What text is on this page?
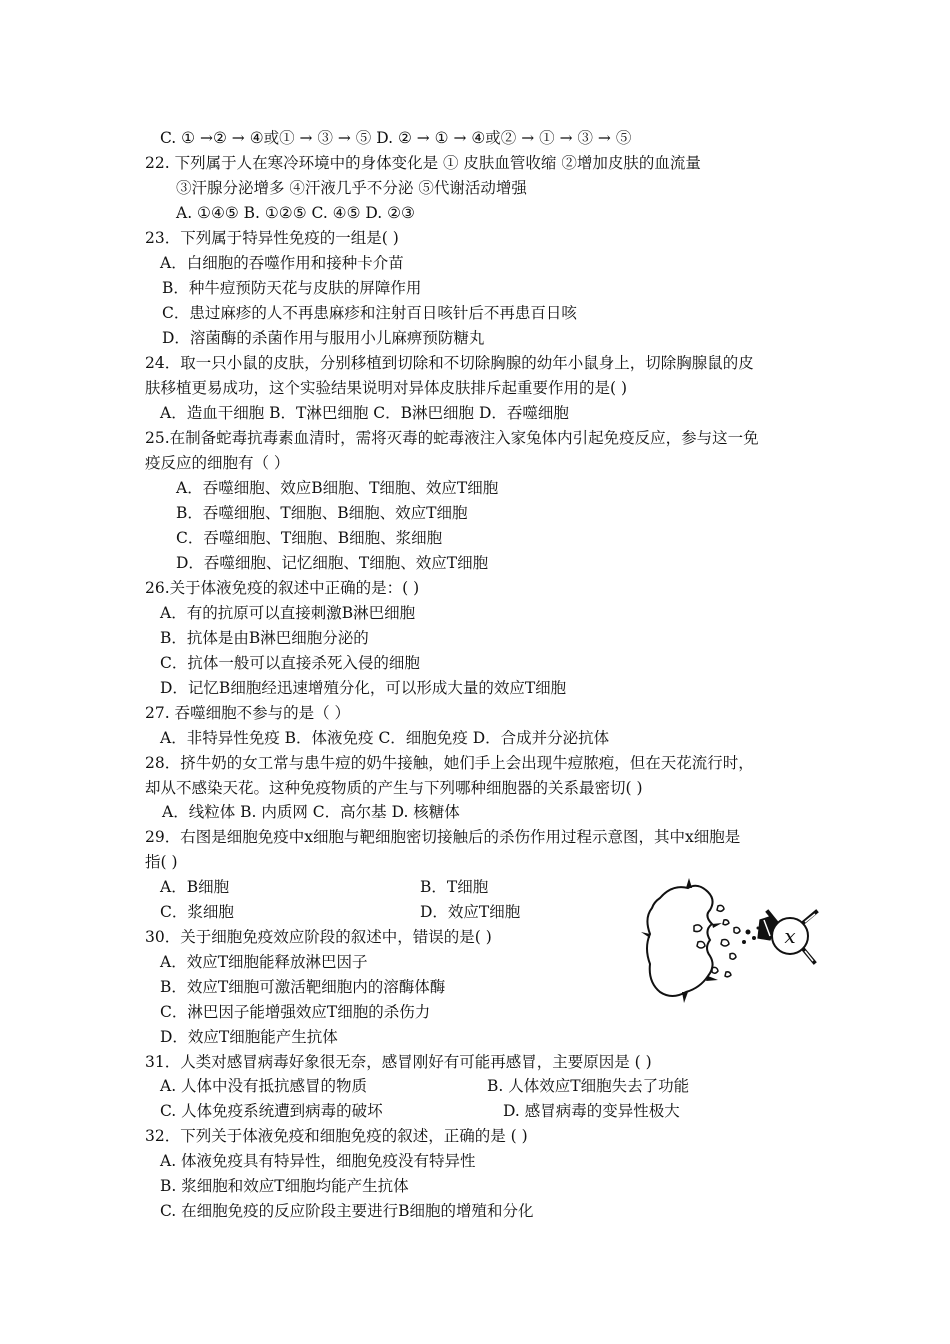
C. ① →② → ④或① → ③ → ⑤ D. ② → ① → ④或② → ① → ③ → ⑤
22. 下列属于人在寒冷环境中的身体变化是 ① 皮肤血管收缩 ②增加皮肤的血流量
③汗腺分泌增多 ④汗液几乎不分泌 ⑤代谢活动增强
A. ①④⑤ B. ①②⑤ C. ④⑤ D. ②③
23．下列属于特异性免疫的一组是( )
A．白细胞的吞噬作用和接种卡介苗
B．种牛痘预防天花与皮肤的屏障作用
C．患过麻疹的人不再患麻疹和注射百日咳针后不再患百日咳
D．溶菌酶的杀菌作用与服用小儿麻痹预防糖丸
24．取一只小鼠的皮肤，分别移植到切除和不切除胸腺的幼年小鼠身上，切除胸腺鼠的皮
肤移植更易成功，这个实验结果说明对异体皮肤排斥起重要作用的是( )
A．造血干细胞 B．T淋巴细胞 C．B淋巴细胞 D．吞噬细胞
25.在制备蛇毒抗毒素血清时，需将灭毒的蛇毒液注入家兔体内引起免疫反应，参与这一免
疫反应的细胞有（ ）
A．吞噬细胞、效应B细胞、T细胞、效应T细胞
B．吞噬细胞、T细胞、B细胞、效应T细胞
C．吞噬细胞、T细胞、B细胞、浆细胞
D．吞噬细胞、记忆细胞、T细胞、效应T细胞
26.关于体液免疫的叙述中正确的是：( )
A．有的抗原可以直接刺激B淋巴细胞
B．抗体是由B淋巴细胞分泌的
C．抗体一般可以直接杀死入侵的细胞
D．记忆B细胞经迅速增殖分化，可以形成大量的效应T细胞
27. 吞噬细胞不参与的是（ ）
A．非特异性免疫 B．体液免疫 C．细胞免疫 D．合成并分泌抗体
28．挤牛奶的女工常与患牛痘的奶牛接触，她们手上会出现牛痘脓疱，但在天花流行时，
却从不感染天花。这种免疫物质的产生与下列哪种细胞器的关系最密切( )
A．线粒体 B. 内质网 C．高尔基 D. 核糖体
29．右图是细胞免疫中x细胞与靶细胞密切接触后的杀伤作用过程示意图，其中x细胞是
指( )
A．B细胞	B．T细胞
C．浆细胞	D．效应T细胞
30．关于细胞免疫效应阶段的叙述中，错误的是( )
A．效应T细胞能释放淋巴因子
B．效应T细胞可激活靶细胞内的溶酶体酶
C．淋巴因子能增强效应T细胞的杀伤力
D．效应T细胞能产生抗体
31．人类对感冒病毒好象很无奈，感冒刚好有可能再感冒，主要原因是 ( )
A. 人体中没有抵抗感冒的物质	B. 人体效应T细胞失去了功能
C. 人体免疫系统遭到病毒的破坏	D. 感冒病毒的变异性极大
32．下列关于体液免疫和细胞免疫的叙述，正确的是 ( )
A. 体液免疫具有特异性，细胞免疫没有特异性
B. 浆细胞和效应T细胞均能产生抗体
C. 在细胞免疫的反应阶段主要进行B细胞的增殖和分化
x
